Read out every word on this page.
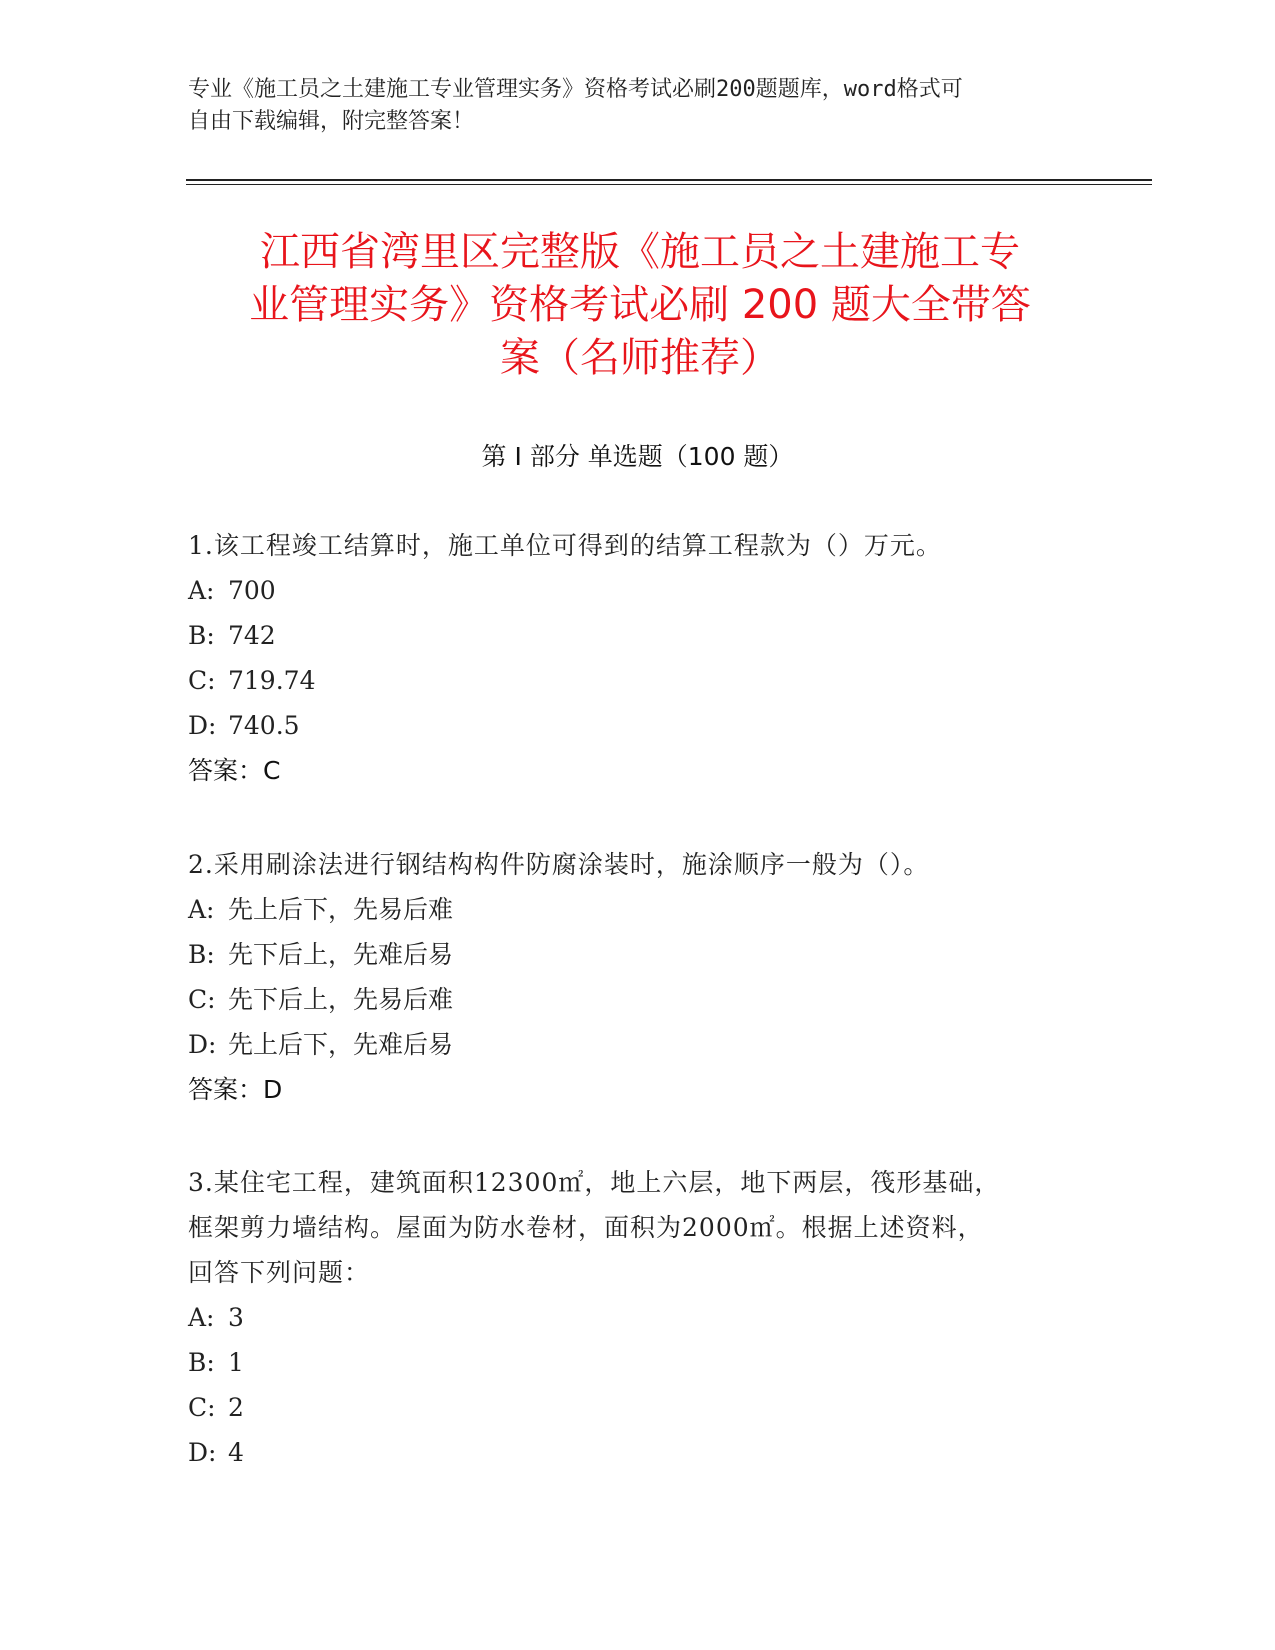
专业《施工员之土建施工专业管理实务》资格考试必刷200题题库，word格式可
自由下载编辑，附完整答案！
江西省湾里区完整版《施工员之土建施工专
业管理实务》资格考试必刷 200 题大全带答
案（名师推荐）
第 I 部分 单选题（100 题）
1.该工程竣工结算时，施工单位可得到的结算工程款为（）万元。
A: 700
B: 742
C: 719.74
D: 740.5
答案：C
2.采用刷涂法进行钢结构构件防腐涂装时，施涂顺序一般为（）。
A: 先上后下，先易后难
B: 先下后上，先难后易
C: 先下后上，先易后难
D: 先上后下，先难后易
答案：D
3.某住宅工程，建筑面积12300㎡，地上六层，地下两层，筏形基础，
框架剪力墙结构。屋面为防水卷材，面积为2000㎡。根据上述资料，
回答下列问题：
A: 3
B: 1
C: 2
D: 4
